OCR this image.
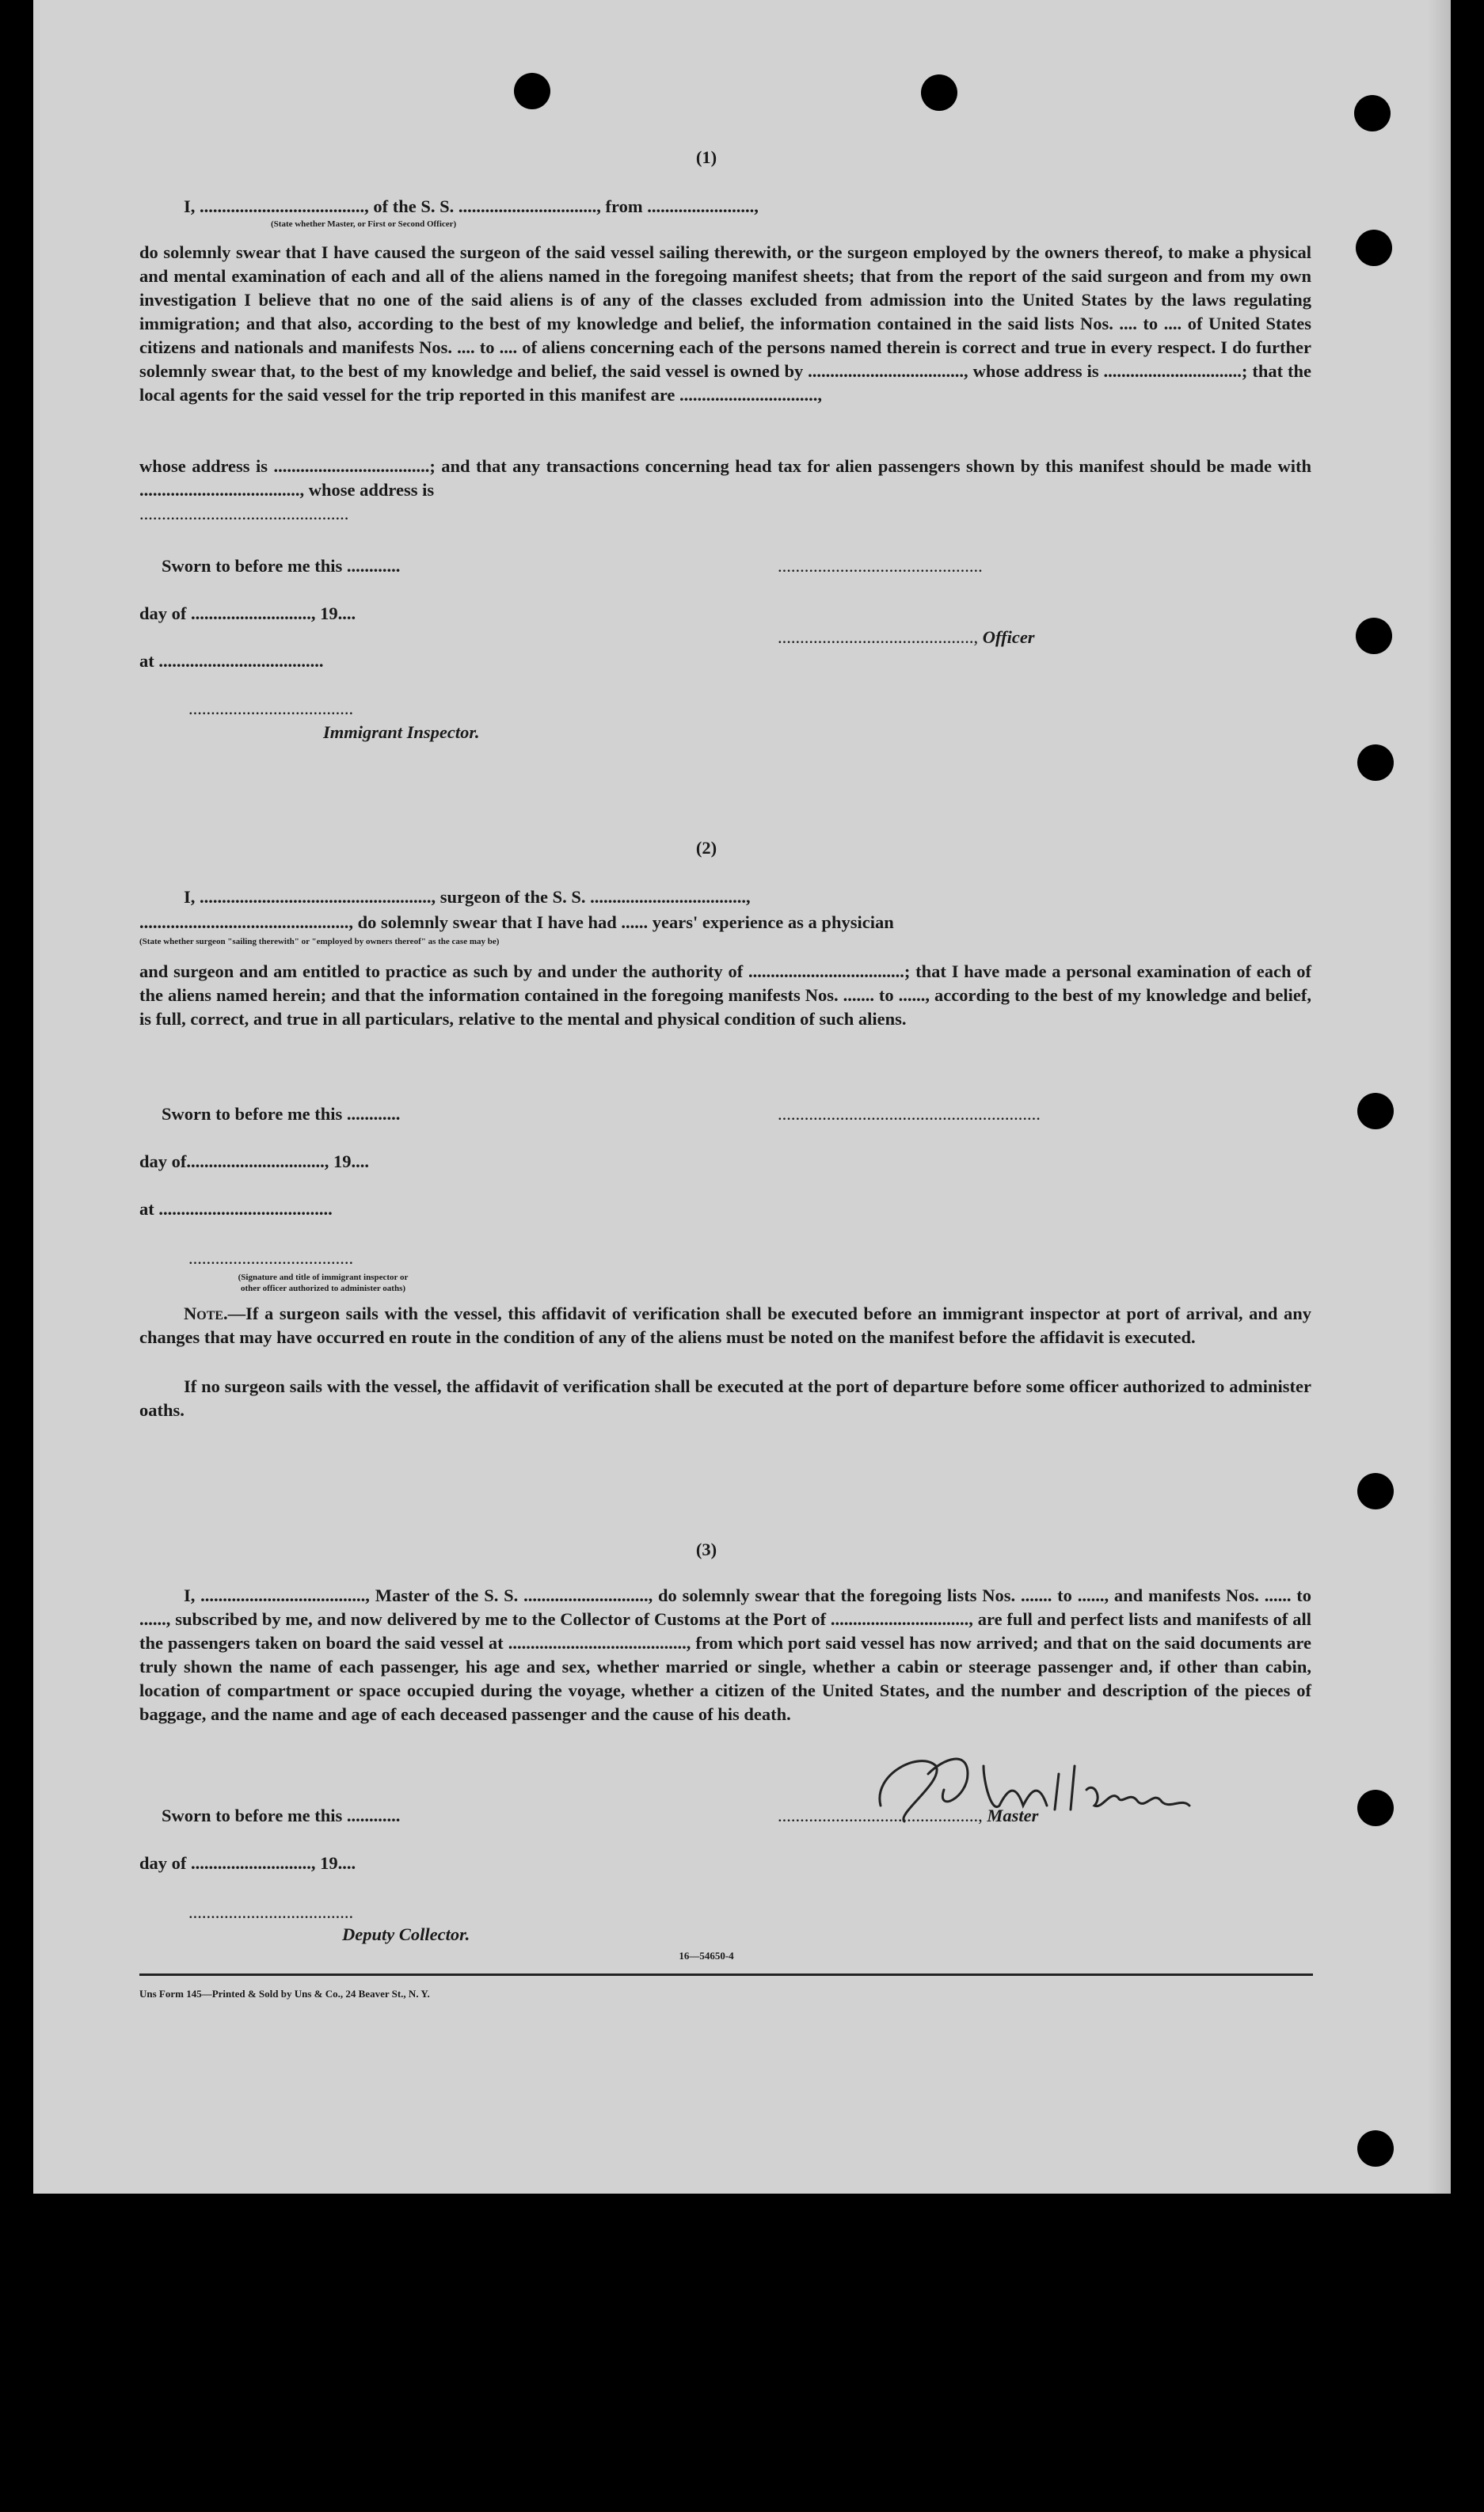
(1)
I, ....................................., of the S. S. ..............................., from ........................,
(State whether Master, or First or Second Officer)
do solemnly swear that I have caused the surgeon of the said vessel sailing therewith, or the surgeon employed by the owners thereof, to make a physical and mental examination of each and all of the aliens named in the foregoing manifest sheets; that from the report of the said surgeon and from my own investigation I believe that no one of the said aliens is of any of the classes excluded from admission into the United States by the laws regulating immigration; and that also, according to the best of my knowledge and belief, the information contained in the said lists Nos. .... to .... of United States citizens and nationals and manifests Nos. .... to .... of aliens concerning each of the persons named therein is correct and true in every respect. I do further solemnly swear that, to the best of my knowledge and belief, the said vessel is owned by ..................................., whose address is ...............................; that the local agents for the said vessel for the trip reported in this manifest are ...............................,
whose address is ...................................; and that any transactions concerning head tax for alien passengers shown by this manifest should be made with ...................................., whose address is
...............................................
Sworn to before me this ............
day of ..........................., 19....
at .....................................
.....................................
Immigrant Inspector.
..............................................
............................................, Officer
(2)
I, ...................................................., surgeon of the S. S. ...................................,
..............................................., do solemnly swear that I have had ...... years' experience as a physician
(State whether surgeon "sailing therewith" or "employed by owners thereof" as the case may be)
and surgeon and am entitled to practice as such by and under the authority of ...................................; that I have made a personal examination of each of the aliens named herein; and that the information contained in the foregoing manifests Nos. ....... to ......, according to the best of my knowledge and belief, is full, correct, and true in all particulars, relative to the mental and physical condition of such aliens.
Sworn to before me this ............	...........................................................
day of..............................., 19....
at .......................................
.....................................
(Signature and title of immigrant inspector or
other officer authorized to administer oaths)
Note.—If a surgeon sails with the vessel, this affidavit of verification shall be executed before an immigrant inspector at port of arrival, and any changes that may have occurred en route in the condition of any of the aliens must be noted on the manifest before the affidavit is executed.
If no surgeon sails with the vessel, the affidavit of verification shall be executed at the port of departure before some officer authorized to administer oaths.
(3)
I, ....................................., Master of the S. S. ............................, do solemnly swear that the foregoing lists Nos. ....... to ......, and manifests Nos. ...... to ......, subscribed by me, and now delivered by me to the Collector of Customs at the Port of ..............................., are full and perfect lists and manifests of all the passengers taken on board the said vessel at ........................................, from which port said vessel has now arrived; and that on the said documents are truly shown the name of each passenger, his age and sex, whether married or single, whether a cabin or steerage passenger and, if other than cabin, location of compartment or space occupied during the voyage, whether a citizen of the United States, and the number and description of the pieces of baggage, and the name and age of each deceased passenger and the cause of his death.
Sworn to before me this ............
day of ..........................., 19....
.....................................
Deputy Collector.
............................................., Master
16—54650-4
Uns Form 145—Printed & Sold by Uns & Co., 24 Beaver St., N. Y.
